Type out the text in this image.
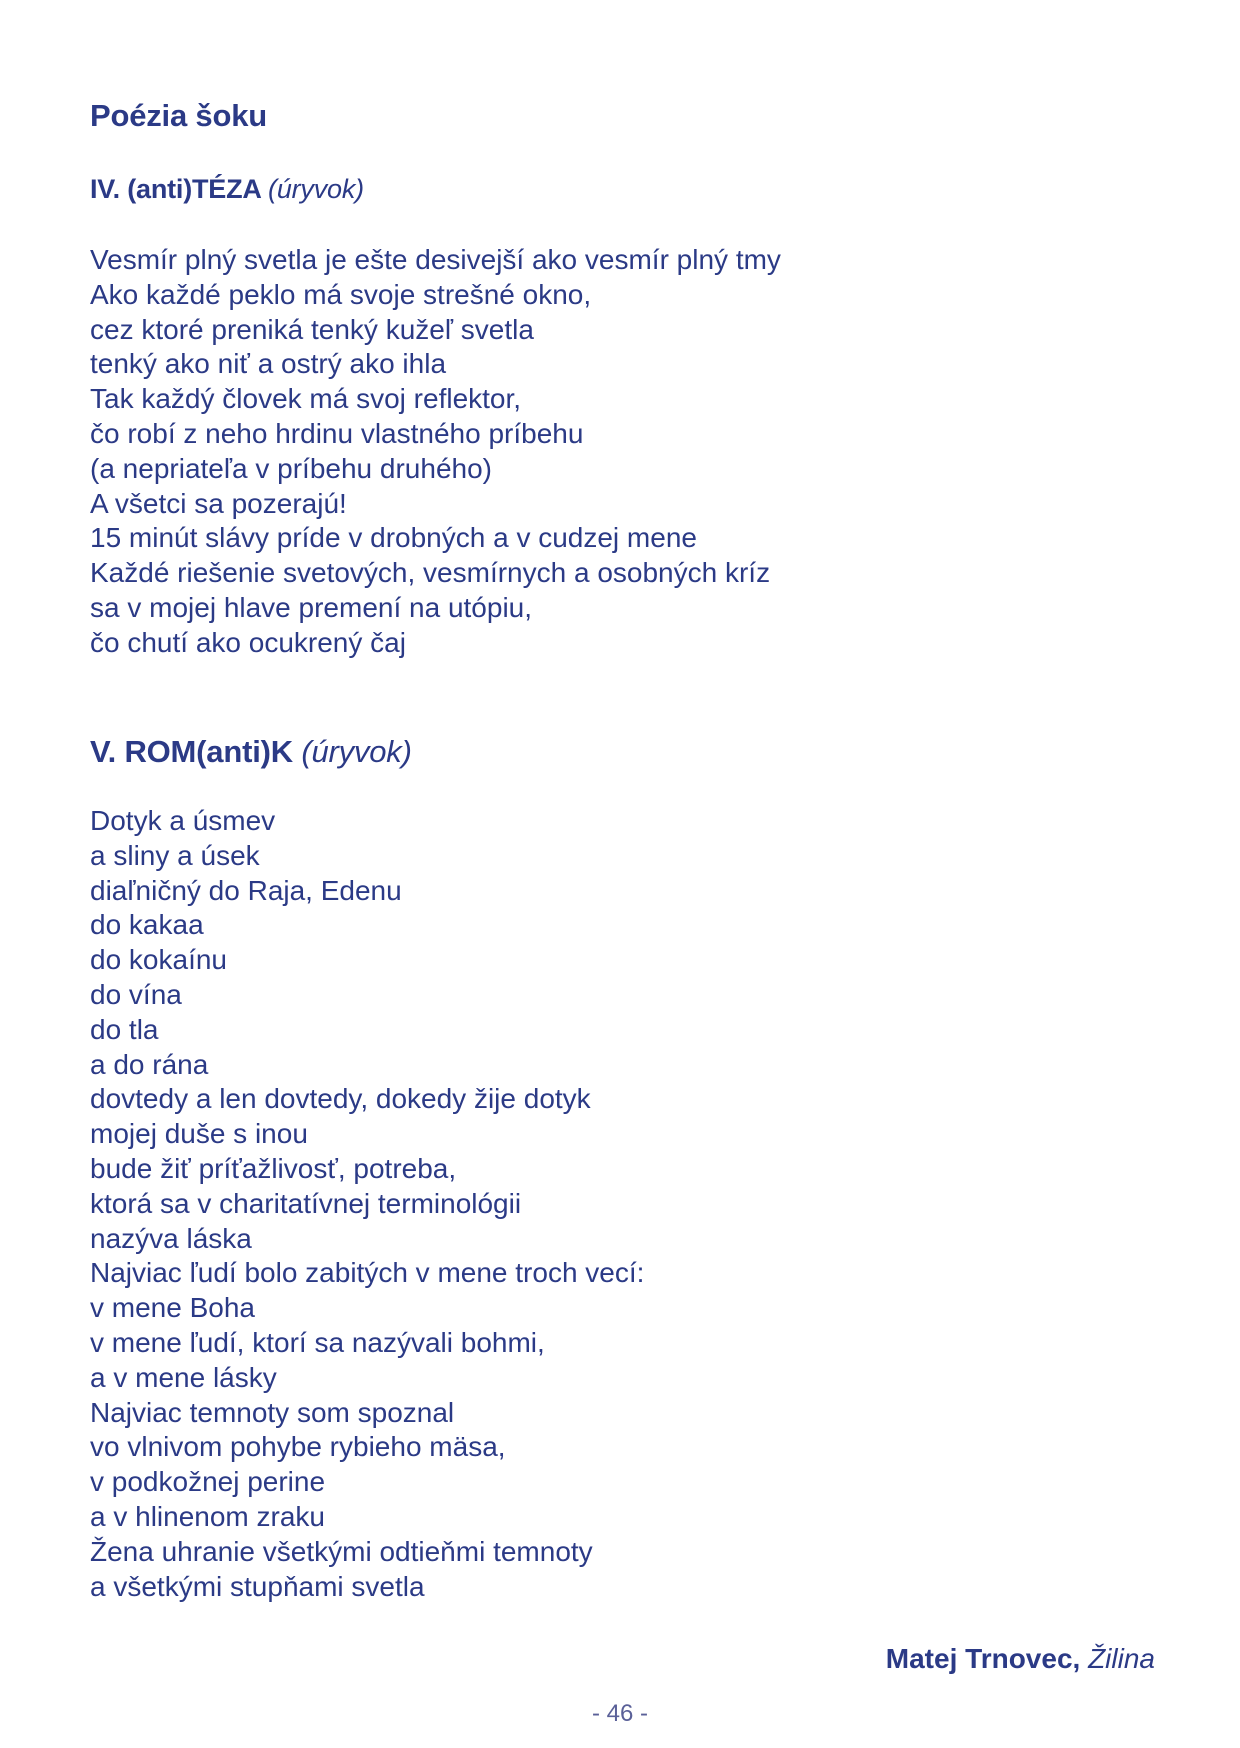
Poézia šoku
IV. (anti)TÉZA (úryvok)
Vesmír plný svetla je ešte desivejší ako vesmír plný tmy
Ako každé peklo má svoje strešné okno,
cez ktoré preniká tenký kužeľ svetla
tenký ako niť a ostrý ako ihla
Tak každý človek má svoj reflektor,
čo robí z neho hrdinu vlastného príbehu
(a nepriateľa v príbehu druhého)
A všetci sa pozerajú!
15 minút slávy príde v drobných a v cudzej mene
Každé riešenie svetových, vesmírnych a osobných kríz
sa v mojej hlave premení na utópiu,
čo chutí ako ocukrený čaj
V. ROM(anti)K (úryvok)
Dotyk a úsmev
a sliny a úsek
diaľničný do Raja, Edenu
do kakaa
do kokaínu
do vína
do tla
a do rána
dovtedy a len dovtedy, dokedy žije dotyk
mojej duše s inou
bude žiť príťažlivosť, potreba,
ktorá sa v charitatívnej terminológii
nazýva láska
Najviac ľudí bolo zabitých v mene troch vecí:
v mene Boha
v mene ľudí, ktorí sa nazývali bohmi,
a v mene lásky
Najviac temnoty som spoznal
vo vlnivom pohybe rybieho mäsa,
v podkožnej perine
a v hlinenom zraku
Žena uhranie všetkými odtieňmi temnoty
a všetkými stupňami svetla
Matej Trnovec, Žilina
- 46 -
